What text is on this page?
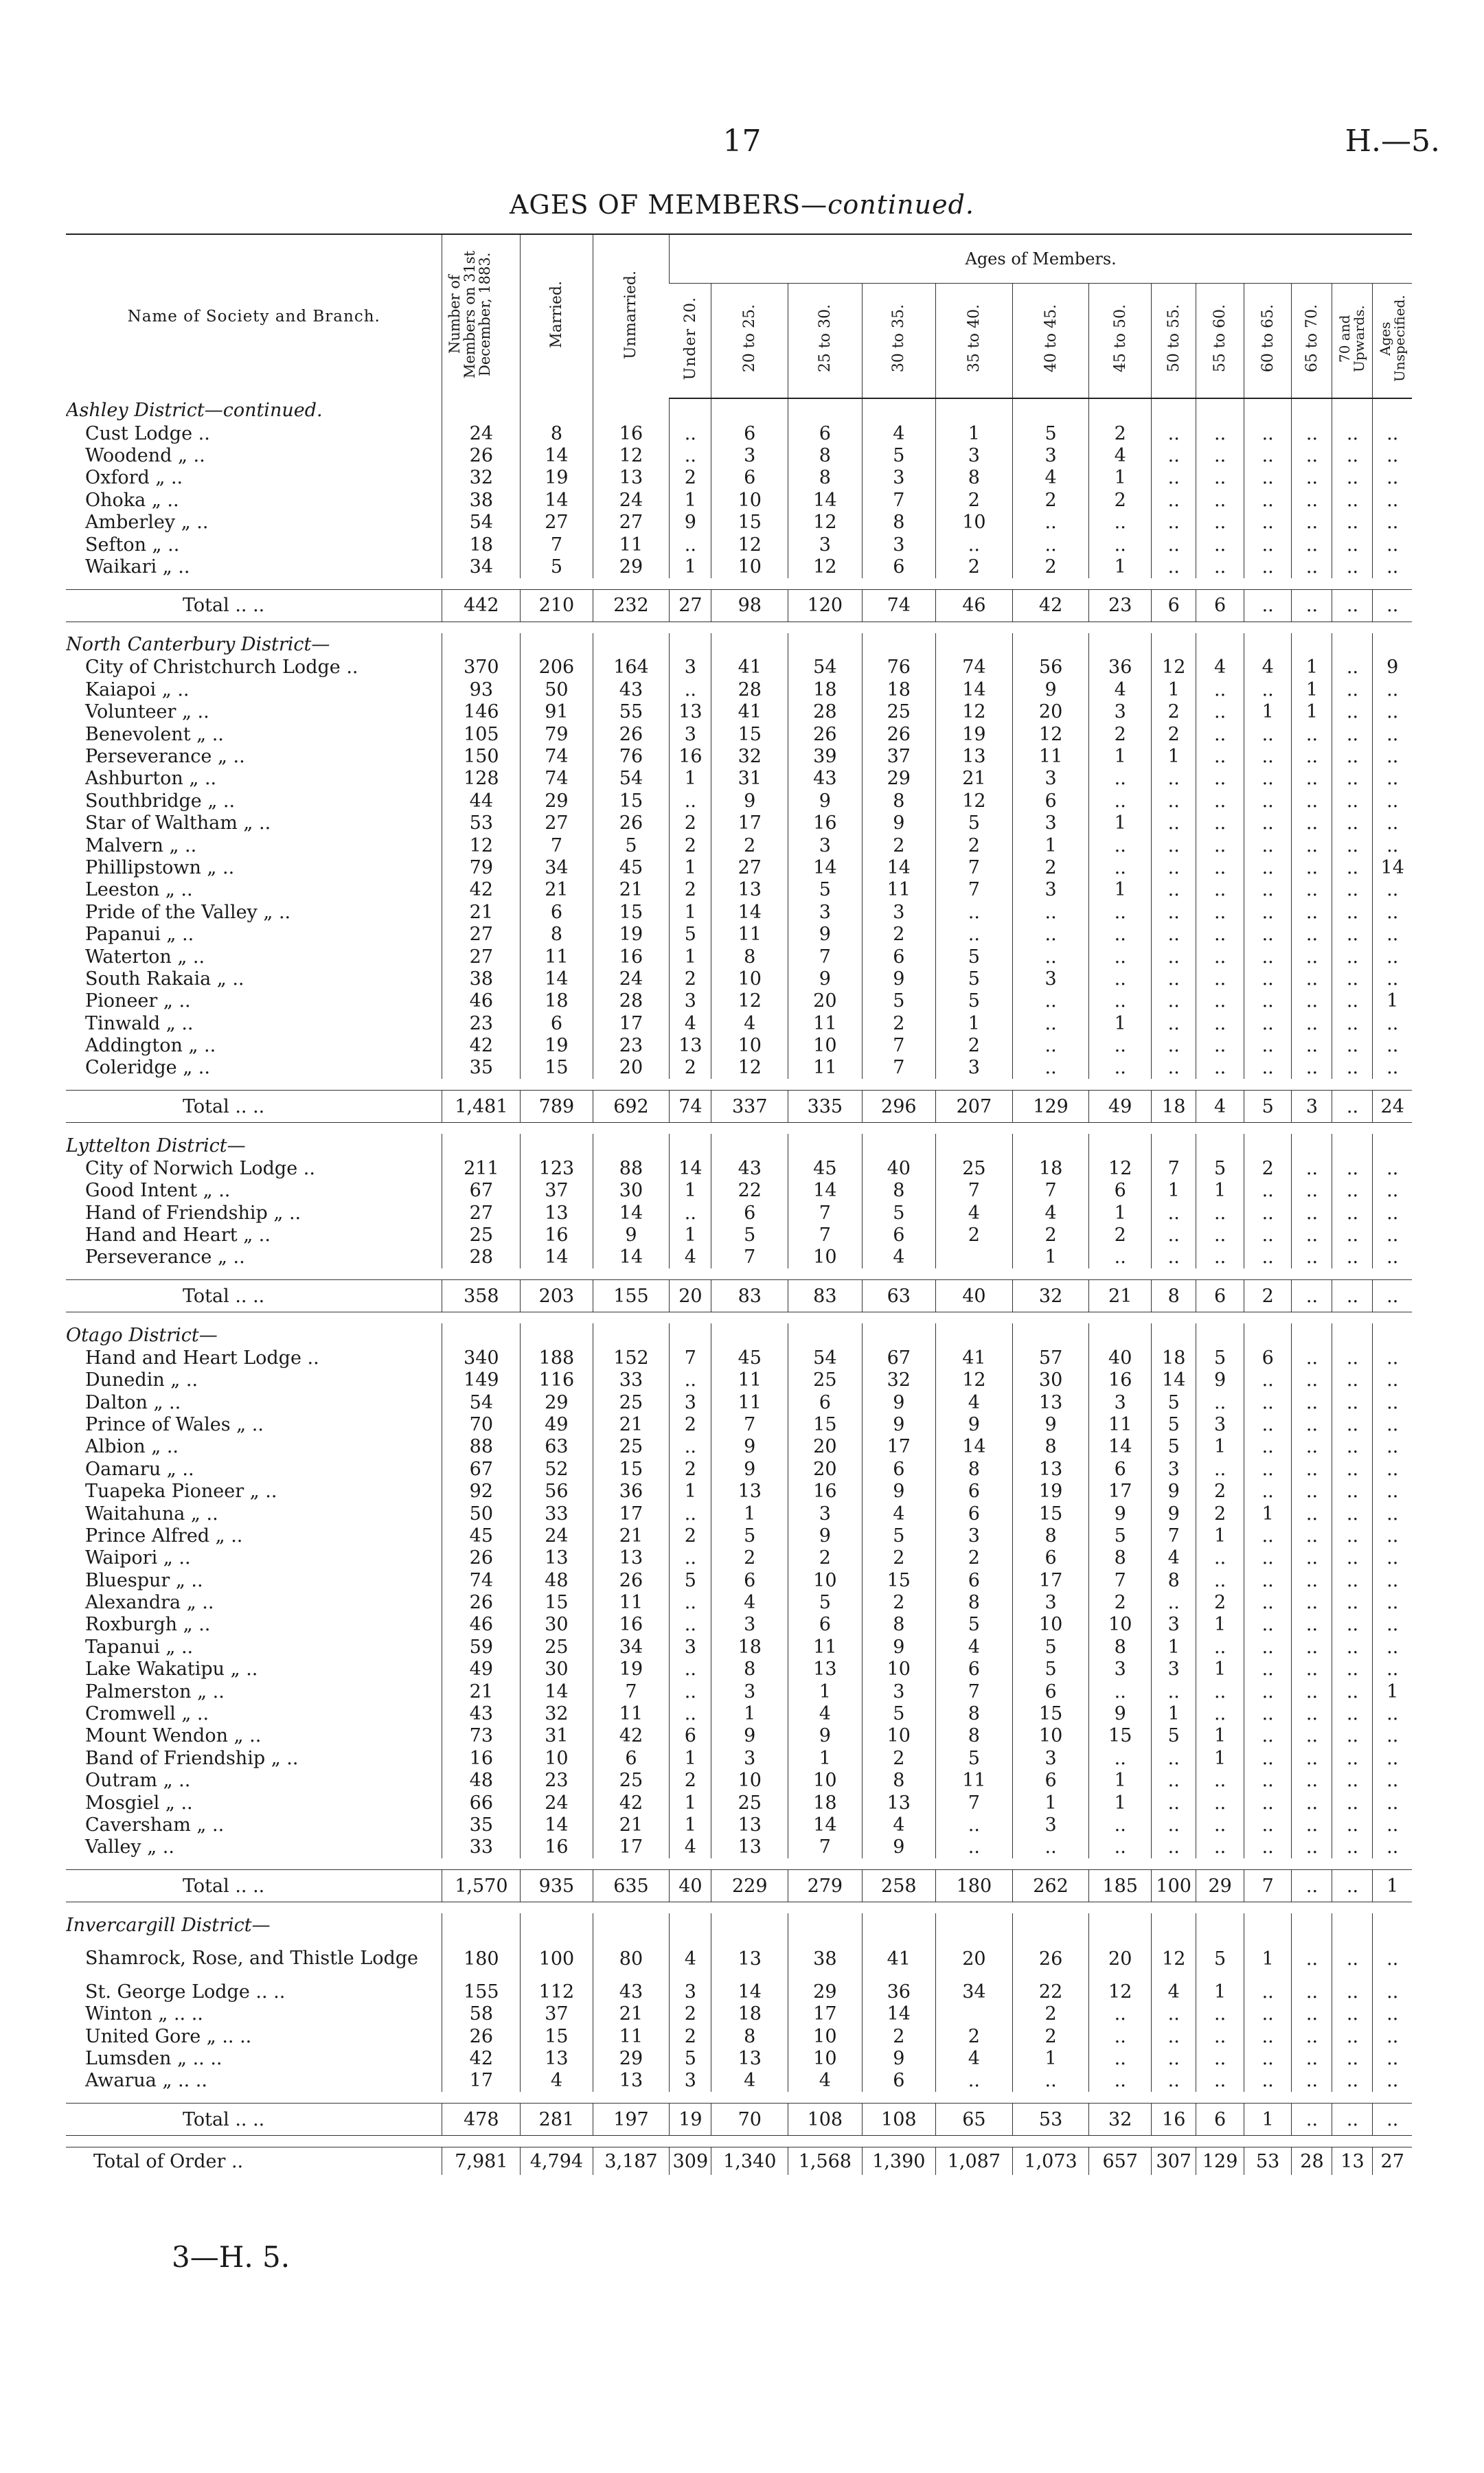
17	H.—5.
AGES OF MEMBERS—continued.
Name of Society and Branch.	Number of Members on 31st December, 1883.	Married.	Unmarried.	Ages of Members.												
				Under 20.	20 to 25.	25 to 30.	30 to 35.	35 to 40.	40 to 45.	45 to 50.	50 to 55.	55 to 60.	60 to 65.	65 to 70.	70 and Upwards.	Ages Unspecified.
Ashley District—continued.																
Cust Lodge ..	24	8	16	..	6	6	4	1	5	2	..	..	..	..	..	..
Woodend „ ..	26	14	12	..	3	8	5	3	3	4	..	..	..	..	..	..
Oxford „ ..	32	19	13	2	6	8	3	8	4	1	..	..	..	..	..	..
Ohoka „ ..	38	14	24	1	10	14	7	2	2	2	..	..	..	..	..	..
Amberley „ ..	54	27	27	9	15	12	8	10	..	..	..	..	..	..	..	..
Sefton „ ..	18	7	11	..	12	3	3	..	..	..	..	..	..	..	..	..
Waikari „ ..	34	5	29	1	10	12	6	2	2	1	..	..	..	..	..	..

Total .. ..	442	210	232	27	98	120	74	46	42	23	6	6	..	..	..	..

North Canterbury District—																
City of Christchurch Lodge ..	370	206	164	3	41	54	76	74	56	36	12	4	4	1	..	9
Kaiapoi „ ..	93	50	43	..	28	18	18	14	9	4	1	..	..	1	..	..
Volunteer „ ..	146	91	55	13	41	28	25	12	20	3	2	..	1	1	..	..
Benevolent „ ..	105	79	26	3	15	26	26	19	12	2	2	..	..	..	..	..
Perseverance „ ..	150	74	76	16	32	39	37	13	11	1	1	..	..	..	..	..
Ashburton „ ..	128	74	54	1	31	43	29	21	3	..	..	..	..	..	..	..
Southbridge „ ..	44	29	15	..	9	9	8	12	6	..	..	..	..	..	..	..
Star of Waltham „ ..	53	27	26	2	17	16	9	5	3	1	..	..	..	..	..	..
Malvern „ ..	12	7	5	2	2	3	2	2	1	..	..	..	..	..	..	..
Phillipstown „ ..	79	34	45	1	27	14	14	7	2	..	..	..	..	..	..	14
Leeston „ ..	42	21	21	2	13	5	11	7	3	1	..	..	..	..	..	..
Pride of the Valley „ ..	21	6	15	1	14	3	3	..	..	..	..	..	..	..	..	..
Papanui „ ..	27	8	19	5	11	9	2	..	..	..	..	..	..	..	..	..
Waterton „ ..	27	11	16	1	8	7	6	5	..	..	..	..	..	..	..	..
South Rakaia „ ..	38	14	24	2	10	9	9	5	3	..	..	..	..	..	..	..
Pioneer „ ..	46	18	28	3	12	20	5	5	..	..	..	..	..	..	..	1
Tinwald „ ..	23	6	17	4	4	11	2	1	..	1	..	..	..	..	..	..
Addington „ ..	42	19	23	13	10	10	7	2	..	..	..	..	..	..	..	..
Coleridge „ ..	35	15	20	2	12	11	7	3	..	..	..	..	..	..	..	..

Total .. ..	1,481	789	692	74	337	335	296	207	129	49	18	4	5	3	..	24

Lyttelton District—																
City of Norwich Lodge ..	211	123	88	14	43	45	40	25	18	12	7	5	2	..	..	..
Good Intent „ ..	67	37	30	1	22	14	8	7	7	6	1	1	..	..	..	..
Hand of Friendship „ ..	27	13	14	..	6	7	5	4	4	1	..	..	..	..	..	..
Hand and Heart „ ..	25	16	9	1	5	7	6	2	2	2	..	..	..	..	..	..
Perseverance „ ..	28	14	14	4	7	10	4		1	..	..	..	..	..	..	..

Total .. ..	358	203	155	20	83	83	63	40	32	21	8	6	2	..	..	..

Otago District—																
Hand and Heart Lodge ..	340	188	152	7	45	54	67	41	57	40	18	5	6	..	..	..
Dunedin „ ..	149	116	33	..	11	25	32	12	30	16	14	9	..	..	..	..
Dalton „ ..	54	29	25	3	11	6	9	4	13	3	5	..	..	..	..	..
Prince of Wales „ ..	70	49	21	2	7	15	9	9	9	11	5	3	..	..	..	..
Albion „ ..	88	63	25	..	9	20	17	14	8	14	5	1	..	..	..	..
Oamaru „ ..	67	52	15	2	9	20	6	8	13	6	3	..	..	..	..	..
Tuapeka Pioneer „ ..	92	56	36	1	13	16	9	6	19	17	9	2	..	..	..	..
Waitahuna „ ..	50	33	17	..	1	3	4	6	15	9	9	2	1	..	..	..
Prince Alfred „ ..	45	24	21	2	5	9	5	3	8	5	7	1	..	..	..	..
Waipori „ ..	26	13	13	..	2	2	2	2	6	8	4	..	..	..	..	..
Bluespur „ ..	74	48	26	5	6	10	15	6	17	7	8	..	..	..	..	..
Alexandra „ ..	26	15	11	..	4	5	2	8	3	2	..	2	..	..	..	..
Roxburgh „ ..	46	30	16	..	3	6	8	5	10	10	3	1	..	..	..	..
Tapanui „ ..	59	25	34	3	18	11	9	4	5	8	1	..	..	..	..	..
Lake Wakatipu „ ..	49	30	19	..	8	13	10	6	5	3	3	1	..	..	..	..
Palmerston „ ..	21	14	7	..	3	1	3	7	6	..	..	..	..	..	..	1
Cromwell „ ..	43	32	11	..	1	4	5	8	15	9	1	..	..	..	..	..
Mount Wendon „ ..	73	31	42	6	9	9	10	8	10	15	5	1	..	..	..	..
Band of Friendship „ ..	16	10	6	1	3	1	2	5	3	..	..	1	..	..	..	..
Outram „ ..	48	23	25	2	10	10	8	11	6	1	..	..	..	..	..	..
Mosgiel „ ..	66	24	42	1	25	18	13	7	1	1	..	..	..	..	..	..
Caversham „ ..	35	14	21	1	13	14	4	..	3	..	..	..	..	..	..	..
Valley „ ..	33	16	17	4	13	7	9	..	..	..	..	..	..	..	..	..

Total .. ..	1,570	935	635	40	229	279	258	180	262	185	100	29	7	..	..	1

Invercargill District—																
Shamrock, Rose, and Thistle Lodge	180	100	80	4	13	38	41	20	26	20	12	5	1	..	..	..
St. George Lodge .. ..	155	112	43	3	14	29	36	34	22	12	4	1	..	..	..	..
Winton „ .. ..	58	37	21	2	18	17	14		2	..	..	..	..	..	..	..
United Gore „ .. ..	26	15	11	2	8	10	2	2	2	..	..	..	..	..	..	..
Lumsden „ .. ..	42	13	29	5	13	10	9	4	1	..	..	..	..	..	..	..
Awarua „ .. ..	17	4	13	3	4	4	6	..	..	..	..	..	..	..	..	..

Total .. ..	478	281	197	19	70	108	108	65	53	32	16	6	1	..	..	..

Total of Order ..	7,981	4,794	3,187	309	1,340	1,568	1,390	1,087	1,073	657	307	129	53	28	13	27
3—H. 5.
